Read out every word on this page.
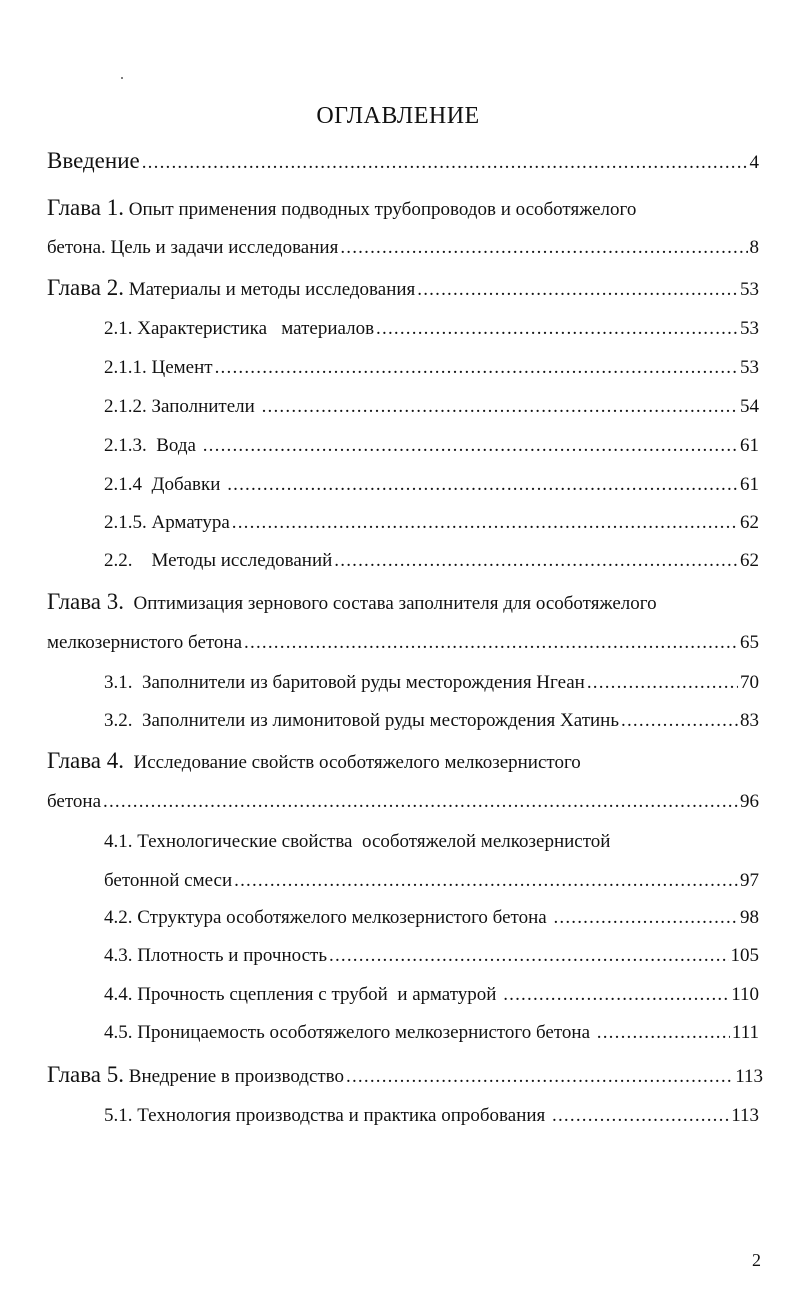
ОГЛАВЛЕНИЕ
Введение .....	4
Глава 1. Опыт применения подводных трубопроводов и особотяжелого
бетона. Цель и задачи исследования .....	8
Глава 2. Материалы и методы исследования .....	53
2.1. Характеристика   материалов .....	53
2.1.1. Цемент .....	53
2.1.2. Заполнители .....	54
2.1.3.  Вода .....	61
2.1.4  Добавки .....	61
2.1.5. Арматура .....	62
2.2.    Методы исследований .....	62
Глава 3.  Оптимизация зернового состава заполнителя для особотяжелого
мелкозернистого бетона .....	65
3.1.  Заполнители из баритовой руды месторождения Нгеан .....	70
3.2.  Заполнители из лимонитовой руды месторождения Хатинь .....	83
Глава 4.  Исследование свойств особотяжелого мелкозернистого
бетона .....	96
4.1. Технологические свойства  особотяжелой мелкозернистой
бетонной смеси .....	97
4.2. Структура особотяжелого мелкозернистого бетона .....	98
4.3. Плотность и прочность .....	105
4.4. Прочность сцепления с трубой  и арматурой .....	110
4.5. Проницаемость особотяжелого мелкозернистого бетона .....	111
Глава 5. Внедрение в производство .....	113
5.1. Технология производства и практика опробования .....	113
2
